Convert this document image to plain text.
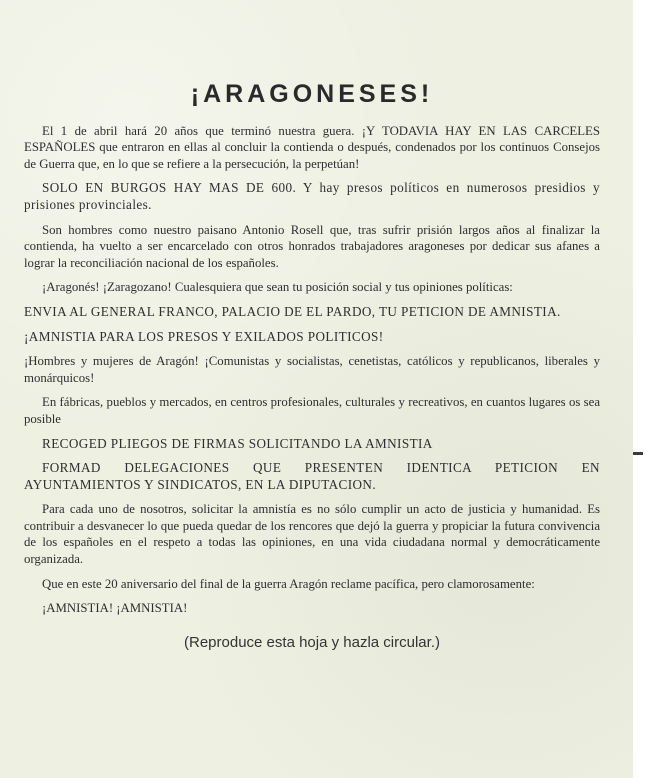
¡ARAGONESES!

El 1 de abril hará 20 años que terminó nuestra guera. ¡Y TODAVIA HAY EN LAS CARCELES ESPAÑOLES que entraron en ellas al concluir la contienda o después, condenados por los continuos Consejos de Guerra que, en lo que se refiere a la persecución, la perpetúan!

SOLO EN BURGOS HAY MAS DE 600. Y hay presos políticos en numerosos presidios y prisiones provinciales.

Son hombres como nuestro paisano Antonio Rosell que, tras sufrir prisión largos años al finalizar la contienda, ha vuelto a ser encarcelado con otros honrados trabajadores aragoneses por dedicar sus afanes a lograr la reconciliación nacional de los españoles.

¡Aragonés! ¡Zaragozano! Cualesquiera que sean tu posición social y tus opiniones políticas:

ENVIA AL GENERAL FRANCO, PALACIO DE EL PARDO, TU PETICION DE AMNISTIA.

¡AMNISTIA PARA LOS PRESOS Y EXILADOS POLITICOS!

¡Hombres y mujeres de Aragón! ¡Comunistas y socialistas, cenetistas, católicos y republicanos, liberales y monárquicos!

En fábricas, pueblos y mercados, en centros profesionales, culturales y recreativos, en cuantos lugares os sea posible

RECOGED PLIEGOS DE FIRMAS SOLICITANDO LA AMNISTIA

FORMAD DELEGACIONES QUE PRESENTEN IDENTICA PETICION EN AYUNTAMIENTOS Y SINDICATOS, EN LA DIPUTACION.

Para cada uno de nosotros, solicitar la amnistía es no sólo cumplir un acto de justicia y humanidad. Es contribuir a desvanecer lo que pueda quedar de los rencores que dejó la guerra y propiciar la futura convivencia de los españoles en el respeto a todas las opiniones, en una vida ciudadana normal y democráticamente organizada.

Que en este 20 aniversario del final de la guerra Aragón reclame pacífica, pero clamorosamente:

¡AMNISTIA! ¡AMNISTIA!

(Reproduce esta hoja y hazla circular.)
